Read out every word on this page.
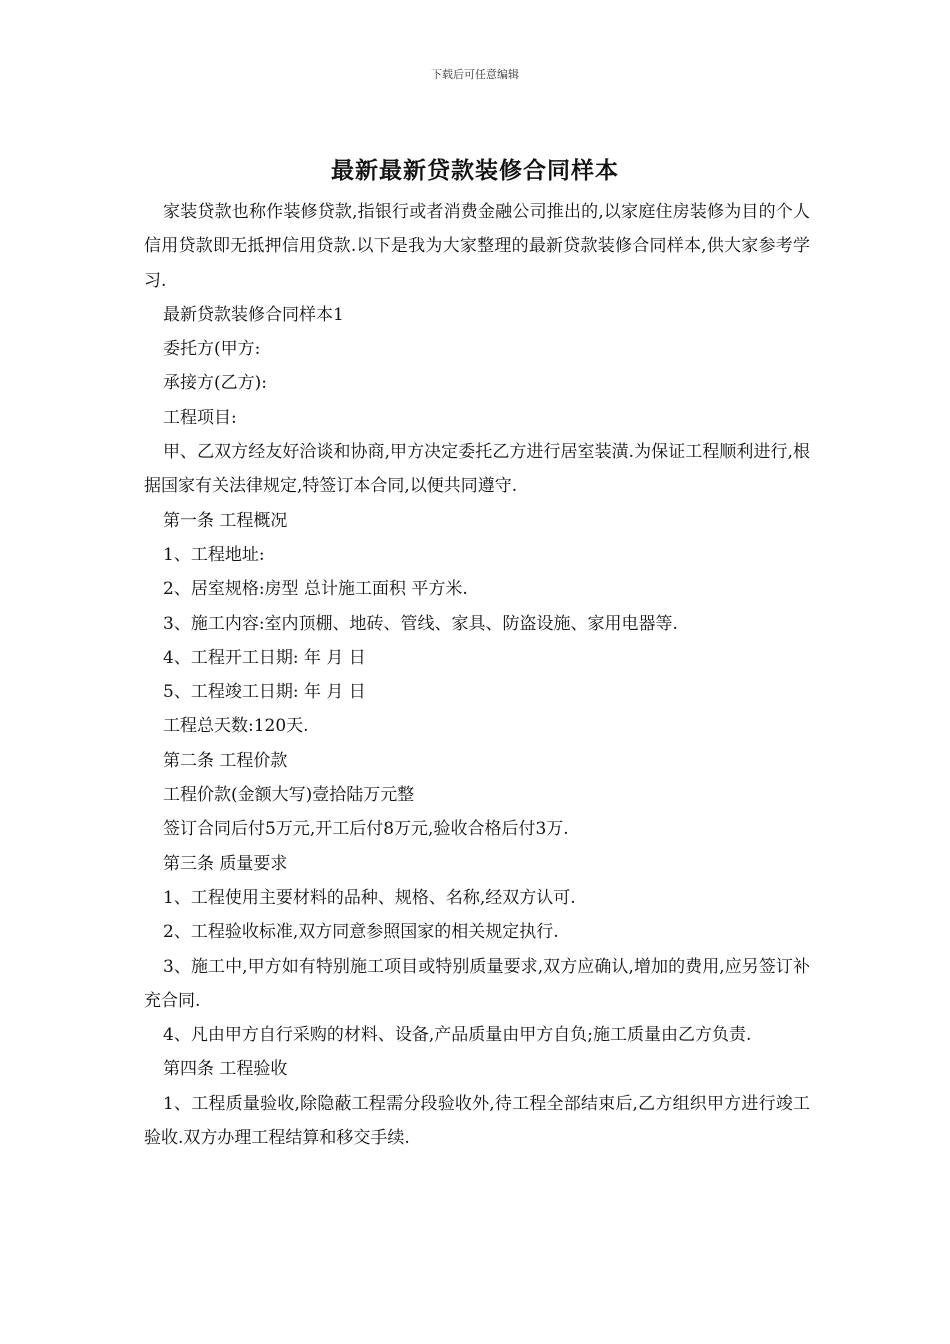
下载后可任意编辑
最新最新贷款装修合同样本

家装贷款也称作装修贷款,指银行或者消费金融公司推出的,以家庭住房装修为目的个人信用贷款即无抵押信用贷款.以下是我为大家整理的最新贷款装修合同样本,供大家参考学习.

最新贷款装修合同样本1

委托方(甲方:

承接方(乙方):

工程项目:

甲、乙双方经友好洽谈和协商,甲方决定委托乙方进行居室装潢.为保证工程顺利进行,根据国家有关法律规定,特签订本合同,以便共同遵守.

第一条 工程概况

1、工程地址:

2、居室规格:房型 总计施工面积 平方米.

3、施工内容:室内顶棚、地砖、管线、家具、防盗设施、家用电器等.

4、工程开工日期: 年 月 日

5、工程竣工日期: 年 月 日

工程总天数:120天.

第二条 工程价款

工程价款(金额大写)壹拾陆万元整

签订合同后付5万元,开工后付8万元,验收合格后付3万.

第三条 质量要求

1、工程使用主要材料的品种、规格、名称,经双方认可.

2、工程验收标准,双方同意参照国家的相关规定执行.

3、施工中,甲方如有特别施工项目或特别质量要求,双方应确认,增加的费用,应另签订补充合同.

4、凡由甲方自行采购的材料、设备,产品质量由甲方自负;施工质量由乙方负责.

第四条 工程验收

1、工程质量验收,除隐蔽工程需分段验收外,待工程全部结束后,乙方组织甲方进行竣工验收.双方办理工程结算和移交手续.
